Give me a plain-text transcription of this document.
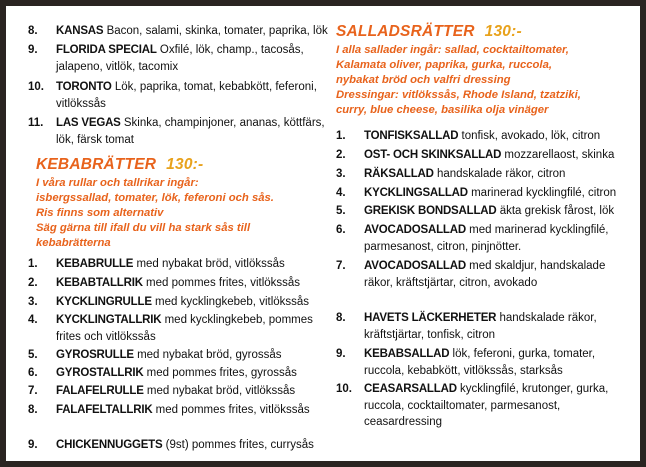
8. KANSAS Bacon, salami, skinka, tomater, paprika, lök
9. FLORIDA SPECIAL Oxfilé, lök, champ., tacosås, jalapeno, vitlök, tacomix
10. TORONTO Lök, paprika, tomat, kebabkött, feferoni, vitlökssås
11. LAS VEGAS Skinka, champinjoner, ananas, köttfärs, lök, färsk tomat
KEBABRÄTTER 130:-
I våra rullar och tallrikar ingår:
isbergssallad, tomater, lök, feferoni och sås.
Ris finns som alternativ
Säg gärna till ifall du vill ha stark sås till
kebabrätterna
1. KEBABRULLE med nybakat bröd, vitlökssås
2. KEBABTALLRIK med pommes frites, vitlökssås
3. KYCKLINGRULLE med kycklingkebeb, vitlökssås
4. KYCKLINGTALLRIK med kycklingkebeb, pommes frites och vitlökssås
5. GYROSRULLE med nybakat bröd, gyrossås
6. GYROSTALLRIK med pommes frites, gyrossås
7. FALAFELRULLE med nybakat bröd, vitlökssås
8. FALAFELTALLRIK med pommes frites, vitlökssås
9. CHICKENNUGGETS (9st) pommes frites, currysås
SALLADSRÄTTER 130:-
I alla sallader ingår: sallad, cocktailtomater,
Kalamata oliver, paprika, gurka, ruccola,
nybakat bröd och valfri dressing
Dressingar: vitlökssås, Rhode Island, tzatziki,
curry, blue cheese, basilika olja vinäger
1. TONFISKSALLAD tonfisk, avokado, lök, citron
2. OST- OCH SKINKSALLAD mozzarellaost, skinka
3. RÄKSALLAD handskalade räkor, citron
4. KYCKLINGSALLAD marinerad kycklingfilé, citron
5. GREKISK BONDSALLAD äkta grekisk fårost, lök
6. AVOCADOSALLAD med marinerad kycklingfilé, parmesanost, citron, pinjnötter.
7. AVOCADOSALLAD med skaldjur, handskalade räkor, kräftstjärtar, citron, avokado
8. HAVETS LÄCKERHETER handskalade räkor, kräftstjärtar, tonfisk, citron
9. KEBABSALLAD lök, feferoni, gurka, tomater, ruccola, kebabkött, vitlökssås, starksås
10. CEASARSALLAD kycklingfilé, krutonger, gurka, ruccola, cocktailtomater, parmesanost, ceasardressing
